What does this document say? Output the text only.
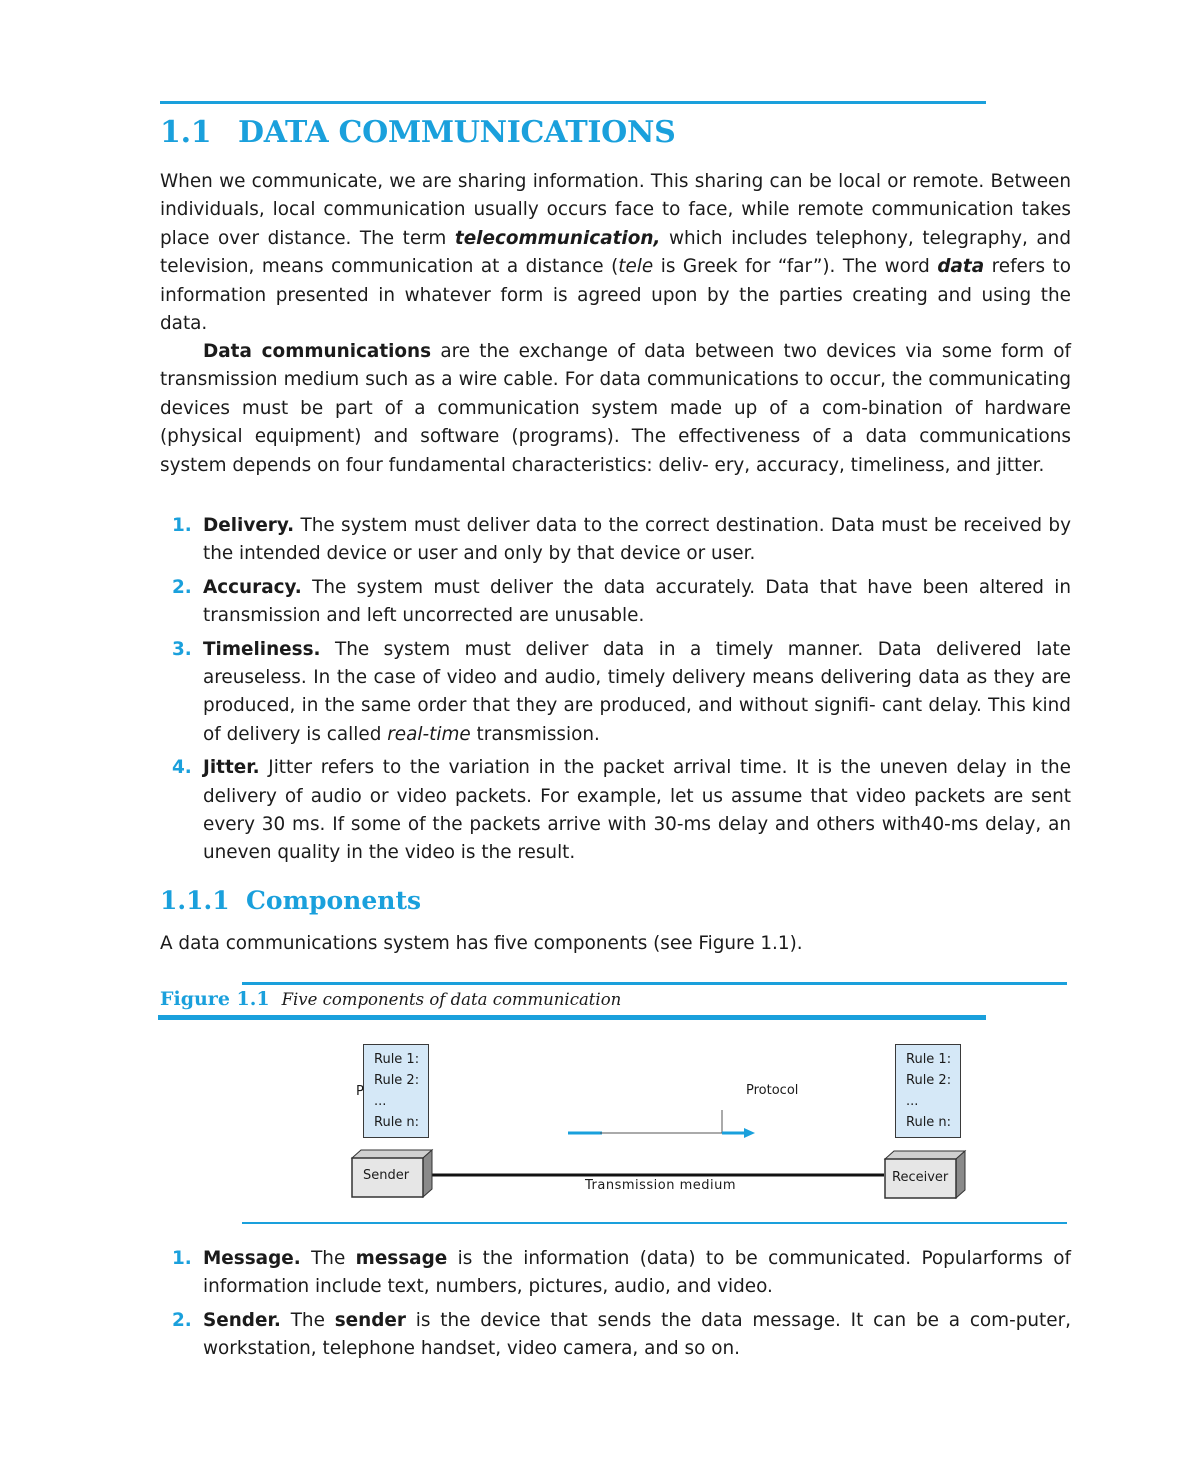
1.1 DATA COMMUNICATIONS

When we communicate, we are sharing information. This sharing can be local or remote. Between individuals, local communication usually occurs face to face, while remote communication takes place over distance. The term telecommunication, which includes telephony, telegraphy, and television, means communication at a distance (tele is Greek for “far”). The word data refers to information presented in whatever form is agreed upon by the parties creating and using the data.

Data communications are the exchange of data between two devices via some form of transmission medium such as a wire cable. For data communications to occur, the communicating devices must be part of a communication system made up of a com-bination of hardware (physical equipment) and software (programs). The effectiveness of a data communications system depends on four fundamental characteristics: deliv- ery, accuracy, timeliness, and jitter.

1. Delivery. The system must deliver data to the correct destination. Data must be received by the intended device or user and only by that device or user.
2. Accuracy. The system must deliver the data accurately. Data that have been altered in transmission and left uncorrected are unusable.
3. Timeliness. The system must deliver data in a timely manner. Data delivered late areuseless. In the case of video and audio, timely delivery means delivering data as they are produced, in the same order that they are produced, and without signifi- cant delay. This kind of delivery is called real-time transmission.
4. Jitter. Jitter refers to the variation in the packet arrival time. It is the uneven delay in the delivery of audio or video packets. For example, let us assume that video packets are sent every 30 ms. If some of the packets arrive with 30-ms delay and others with40-ms delay, an uneven quality in the video is the result.
1.1.1 Components

A data communications system has five components (see Figure 1.1).

Figure 1.1 Five components of data communication
Rule 1:
Rule 2:
...
Rule n:
Rule 1:
Rule 2:
...
Rule n:
P	Protocol
Sender	Receiver
Transmission medium
1. Message. The message is the information (data) to be communicated. Popularforms of information include text, numbers, pictures, audio, and video.
2. Sender. The sender is the device that sends the data message. It can be a com-puter, workstation, telephone handset, video camera, and so on.
